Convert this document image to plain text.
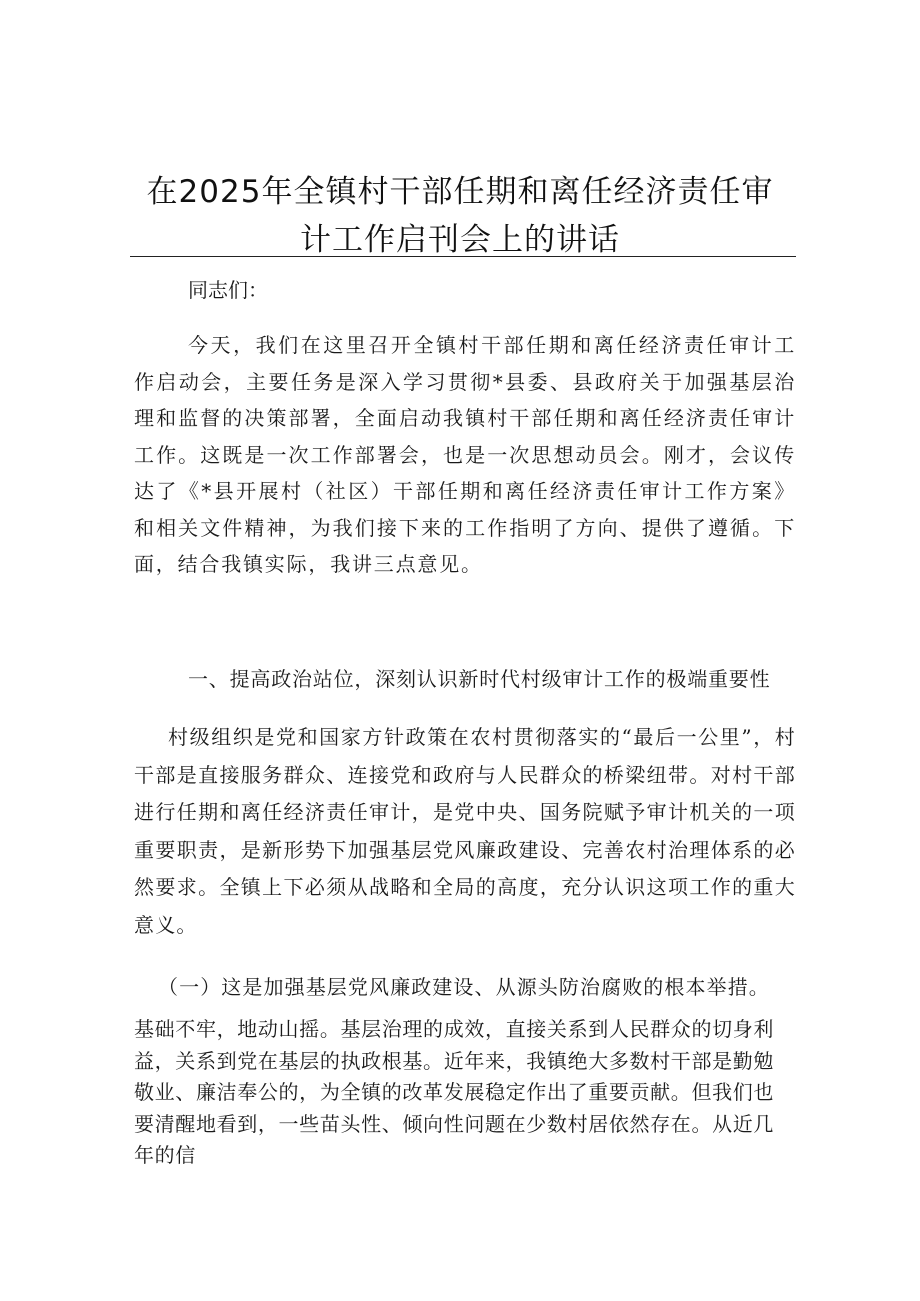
在2025年全镇村干部任期和离任经济责任审
计工作启刊会上的讲话

同志们：

今天，我们在这里召开全镇村干部任期和离任经济责任审计工作启动会，主要任务是深入学习贯彻*县委、县政府关于加强基层治理和监督的决策部署，全面启动我镇村干部任期和离任经济责任审计工作。这既是一次工作部署会，也是一次思想动员会。刚才，会议传达了《*县开展村（社区）干部任期和离任经济责任审计工作方案》和相关文件精神，为我们接下来的工作指明了方向、提供了遵循。下面，结合我镇实际，我讲三点意见。

一、提高政治站位，深刻认识新时代村级审计工作的极端重要性

村级组织是党和国家方针政策在农村贯彻落实的“最后一公里”，村干部是直接服务群众、连接党和政府与人民群众的桥梁纽带。对村干部进行任期和离任经济责任审计，是党中央、国务院赋予审计机关的一项重要职责，是新形势下加强基层党风廉政建设、完善农村治理体系的必然要求。全镇上下必须从战略和全局的高度，充分认识这项工作的重大意义。

（一）这是加强基层党风廉政建设、从源头防治腐败的根本举措。

基础不牢，地动山摇。基层治理的成效，直接关系到人民群众的切身利益，关系到党在基层的执政根基。近年来，我镇绝大多数村干部是勤勉敬业、廉洁奉公的，为全镇的改革发展稳定作出了重要贡献。但我们也要清醒地看到，一些苗头性、倾向性问题在少数村居依然存在。从近几年的信
